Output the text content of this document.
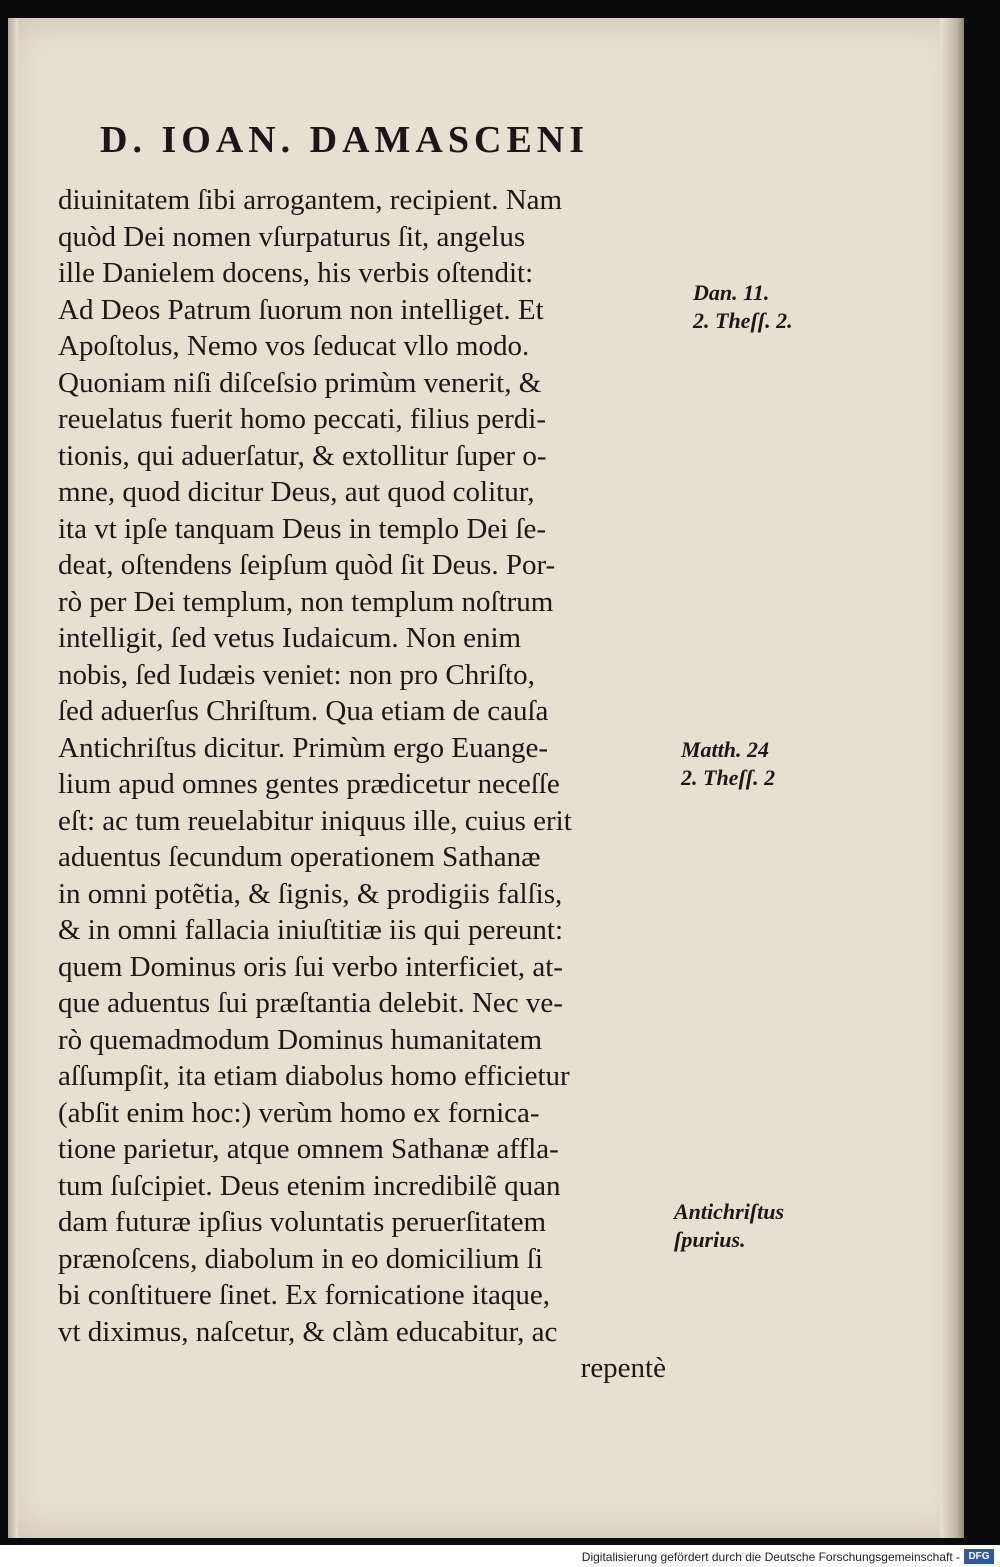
D. IOAN. DAMASCENI
diuinitatem ſibi arrogantem, recipient. Nam
quòd Dei nomen vſurpaturus ſit, angelus
ille Danielem docens, his verbis oſtendit:
Ad Deos Patrum ſuorum non intelliget. Et
Apoſtolus, Nemo vos ſeducat vllo modo.
Quoniam niſi diſceſsio primùm venerit, &
reuelatus fuerit homo peccati, filius perdi-
tionis, qui aduerſatur, & extollitur ſuper o-
mne, quod dicitur Deus, aut quod colitur,
ita vt ipſe tanquam Deus in templo Dei ſe-
deat, oſtendens ſeipſum quòd ſit Deus. Por-
rò per Dei templum, non templum noſtrum
intelligit, ſed vetus Iudaicum. Non enim
nobis, ſed Iudæis veniet: non pro Chriſto,
ſed aduerſus Chriſtum. Qua etiam de cauſa
Antichriſtus dicitur. Primùm ergo Euange-
lium apud omnes gentes prædicetur neceſſe
eſt: ac tum reuelabitur iniquus ille, cuius erit
aduentus ſecundum operationem Sathanæ
in omni potẽtia, & ſignis, & prodigiis falſis,
& in omni fallacia iniuſtitiæ iis qui pereunt:
quem Dominus oris ſui verbo interficiet, at-
que aduentus ſui præſtantia delebit. Nec ve-
rò quemadmodum Dominus humanitatem
aſſumpſit, ita etiam diabolus homo efficietur
(abſit enim hoc:) verùm homo ex fornica-
tione parietur, atque omnem Sathanæ affla-
tum ſuſcipiet. Deus etenim incredibilẽ quan
dam futuræ ipſius voluntatis peruerſitatem
prænoſcens, diabolum in eo domicilium ſi
bi conſtituere ſinet. Ex fornicatione itaque,
vt diximus, naſcetur, & clàm educabitur, ac
repentè
Dan. 11.
2. Theſſ. 2.
Matth. 24
2. Theſſ. 2
Antichriſtus
ſpurius.
Digitalisierung gefördert durch die Deutsche Forschungsgemeinschaft - DFG
